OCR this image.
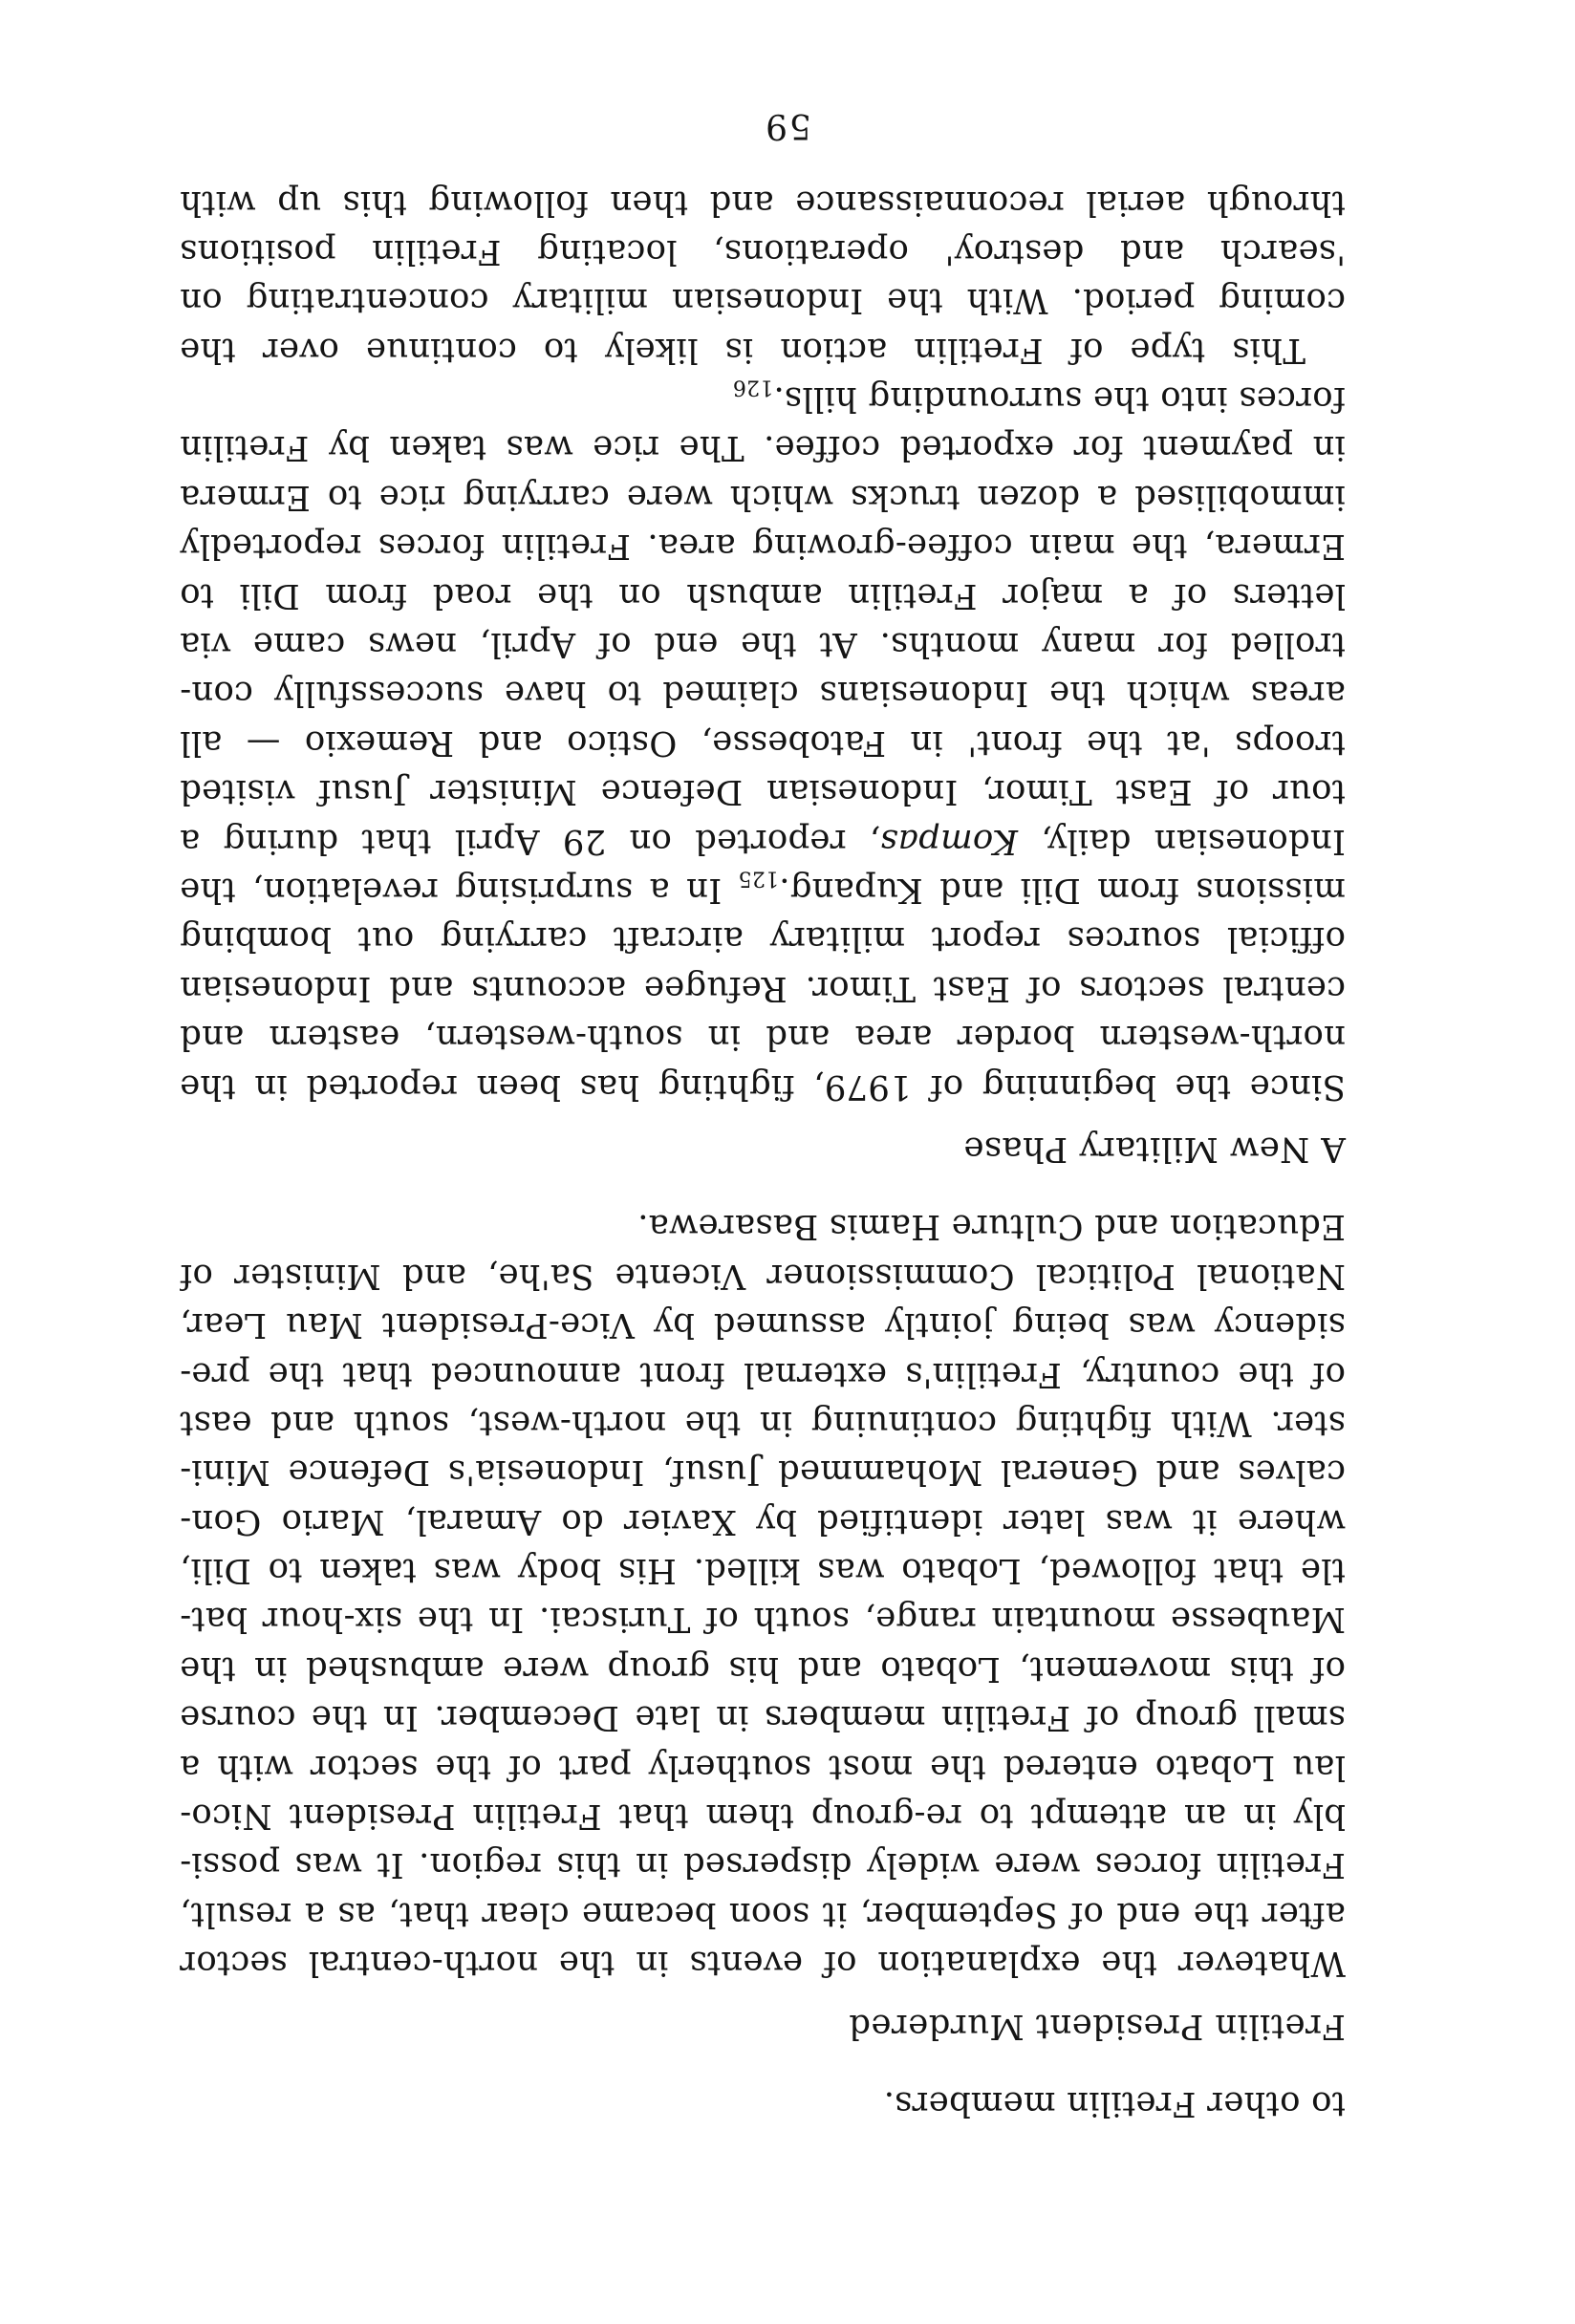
to other Fretilin members.
Fretilin President Murdered
Whatever the explanation of events in the north-central sector
after the end of September, it soon became clear that, as a result,
Fretilin forces were widely dispersed in this region. It was possi-
bly in an attempt to re-group them that Fretilin President Nico-
lau Lobato entered the most southerly part of the sector with a
small group of Fretilin members in late December. In the course
of this movement, Lobato and his group were ambushed in the
Maubesse mountain range, south of Turiscai. In the six-hour bat-
tle that followed, Lobato was killed. His body was taken to Dili,
where it was later identified by Xavier do Amaral, Mario Gon-
calves and General Mohammed Jusuf, Indonesia's Defence Mini-
ster. With fighting continuing in the north-west, south and east
of the country, Fretilin's external front announced that the pre-
sidency was being jointly assumed by Vice-President Mau Lear,
National Political Commissioner Vicente Sa'he, and Minister of
Education and Culture Hamis Basarewa.
A New Military Phase
Since the beginning of 1979, fighting has been reported in the
north-western border area and in south-western, eastern and
central sectors of East Timor. Refugee accounts and Indonesian
official sources report military aircraft carrying out bombing
missions from Dili and $Kupang._{125}$ In a surprising revelation, the
Indonesian daily, Kompas, reported on 29 April that during a
tour of East Timor, Indonesian Defence Minister Jusuf visited
troops 'at the front' in Fatobesse, Ostico and Remexio — all
areas which the Indonesians claimed to have successfully con-
trolled for many months. At the end of April, news came via
letters of a major Fretilin ambush on the road from Dili to
Ermera, the main coffee-growing area. Fretilin forces reportedly
immobilised a dozen trucks which were carrying rice to Ermera
in payment for exported coffee. The rice was taken by Fretilin
forces into the surrounding $hills._{126}$
This type of Fretilin action is likely to continue over the
coming period. With the Indonesian military concentrating on
'search and destroy' operations, locating Fretilin positions
through aerial reconnaissance and then following this up with
59
